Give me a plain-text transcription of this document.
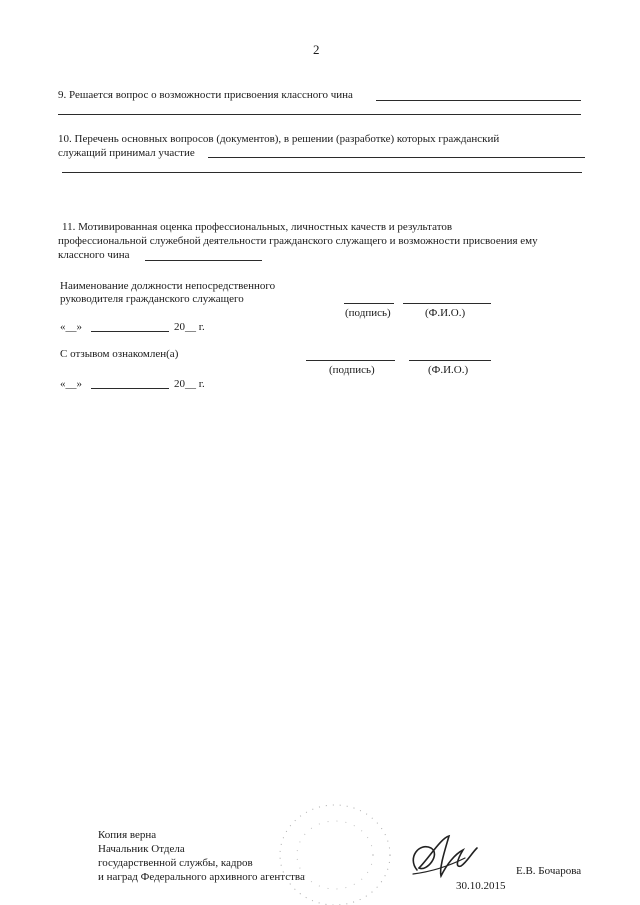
2
9. Решается вопрос о возможности присвоения классного чина
10. Перечень основных вопросов (документов), в решении (разработке) которых гражданский
служащий принимал участие
11. Мотивированная оценка профессиональных, личностных качеств и результатов
профессиональной служебной деятельности гражданского служащего и возможности присвоения ему
классного чина
Наименование должности непосредственного
руководителя гражданского служащего
(подпись)	(Ф.И.О.)
«__»	20__ г.
С отзывом ознакомлен(а)
(подпись)	(Ф.И.О.)
«__»	20__ г.
Копия верна
Начальник Отдела
государственной службы, кадров
и наград Федерального архивного агентства	Е.В. Бочарова
30.10.2015
